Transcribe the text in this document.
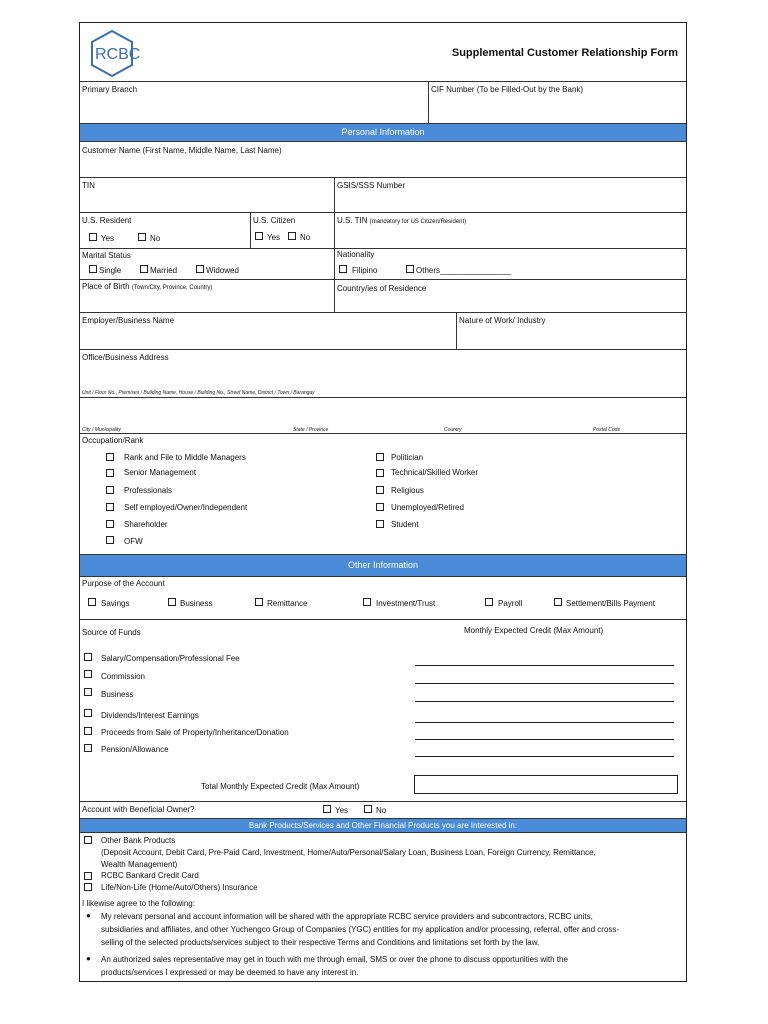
RCBC	Supplemental Customer Relationship Form
Primary Branch	CIF Number (To be Filled-Out by the Bank)
Personal Information
Customer Name (First Name, Middle Name, Last Name)
TIN	GSIS/SSS Number
U.S. Resident
Yes	No
U.S. Citizen
Yes No
U.S. TIN (mandatory for US Citizen/Resident)
Marital Status
Single	Married	Widowed
Nationality
Filipino	Others________________
Place of Birth (Town/City, Province, Country)	Country/ies of Residence
Employer/Business Name	Nature of Work/ Industry
Office/Business Address
Unit / Floor No., Premises / Building Name, House / Building No., Street Name, District / Town / Barangay
City / Municipality	State / Province	Country	Postal Code
Occupation/Rank
Rank and File to Middle Managers
Senior Management
Professionals
Self employed/Owner/Independent
Shareholder
OFW
Politician
Technical/Skilled Worker
Religious
Unemployed/Retired
Student
Other Information
Purpose of the Account
Savings	Business	Remittance	Investment/Trust	Payroll	Settlement/Bills Payment
Source of Funds	Monthly Expected Credit (Max Amount)
Salary/Compensation/Professional Fee
Commission
Business
Dividends/Interest Earnings
Proceeds from Sale of Property/Inheritance/Donation
Pension/Allowance
Total Monthly Expected Credit (Max Amount)
Account with Beneficial Owner?	Yes	No
Bank Products/Services and Other Financial Products you are Interested in:
Other Bank Products
(Deposit Account, Debit Card, Pre-Paid Card, Investment, Home/Auto/Personal/Salary Loan, Business Loan, Foreign Currency, Remittance,
Wealth Management)
RCBC Bankard Credit Card
Life/Non-Life (Home/Auto/Others) Insurance
I likewise agree to the following:
● My relevant personal and account information will be shared with the appropriate RCBC service providers and subcontractors, RCBC units,
subsidiaries and affiliates, and other Yuchengco Group of Companies (YGC) entities for my application and/or processing, referral, offer and cross-
selling of the selected products/services subject to their respective Terms and Conditions and limitations set forth by the law.
● An authorized sales representative may get in touch with me through email, SMS or over the phone to discuss opportunities with the
products/services I expressed or may be deemed to have any interest in.
